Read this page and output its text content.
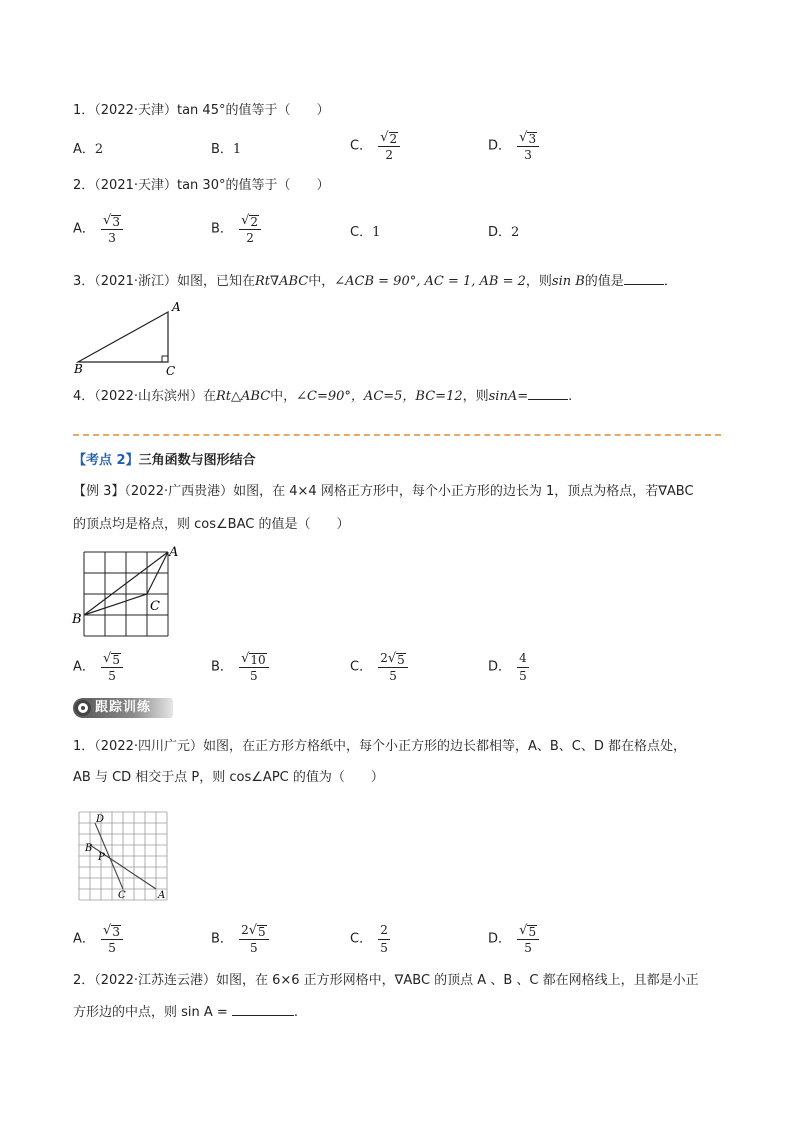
1．（2022·天津）tan 45°的值等于（　　）
A．2	B．1	C． $\frac{√ 2}{2}$	D． $\frac{√ 3}{3}$
2．（2021·天津）tan 30°的值等于（　　）
A． $\frac{√ 3}{3}$	B． $\frac{√ 2}{2}$	C．1	D．2
3．（2021·浙江）如图，已知在Rt∇ABC中，∠ACB = 90°, AC = 1, AB = 2，则sin B的值是	．
A
B	C
4．（2022·山东滨州）在Rt△ABC中，∠C=90°，AC=5，BC=12，则sinA=	.
【考点 2】三角函数与图形结合
【例 3】（2022·广西贵港）如图，在 4×4 网格正方形中，每个小正方形的边长为 1，顶点为格点，若∇ABC
的顶点均是格点，则 cos∠BAC 的值是（　　）
A
B
C
A． $\frac{√ 5}{5}$	B． $\frac{√ 10}{5}$	C． $\frac{2 √ 5}{5}$	D． $\frac{4}{5}$
跟踪训练
1．（2022·四川广元）如图，在正方形方格纸中，每个小正方形的边长都相等，A、B、C、D 都在格点处，
AB 与 CD 相交于点 P，则 cos∠APC 的值为（　　）
D
B
P
C	A
A． $\frac{√ 3}{5}$	B． $\frac{2 √ 5}{5}$	C． $\frac{2}{5}$	D． $\frac{√ 5}{5}$
2．（2022·江苏连云港）如图，在 6×6 正方形网格中，∇ABC 的顶点 A 、B 、C 都在网格线上，且都是小正
方形边的中点，则 sin A =	.
